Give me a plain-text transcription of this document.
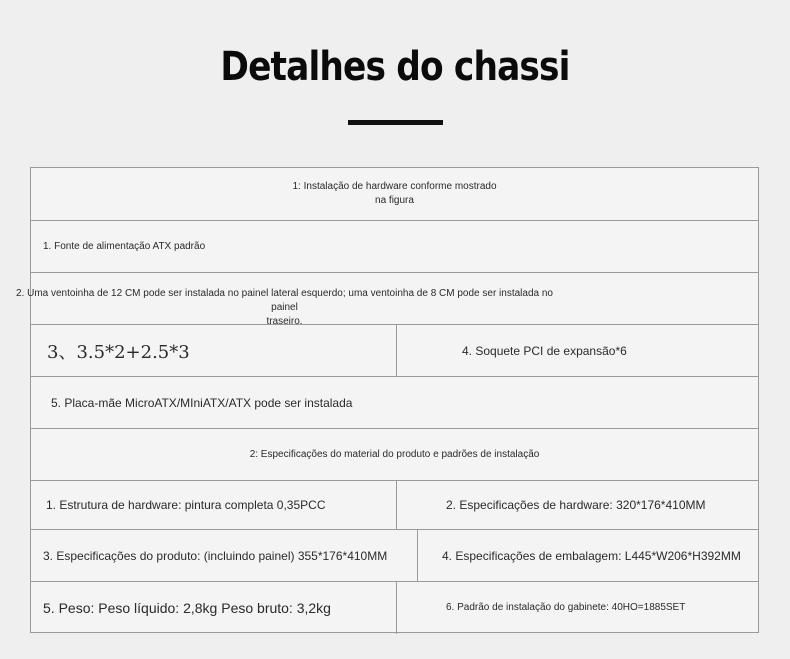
Detalhes do chassi
1: Instalação de hardware conforme mostrado
na figura
1. Fonte de alimentação ATX padrão
2. Uma ventoinha de 12 CM pode ser instalada no painel lateral esquerdo; uma ventoinha de 8 CM pode ser instalada no painel
traseiro.
3、3.5*2+2.5*3	4. Soquete PCI de expansão*6
5. Placa-mãe MicroATX/MIniATX/ATX pode ser instalada
2: Especificações do material do produto e padrões de instalação
1. Estrutura de hardware: pintura completa 0,35PCC	2. Especificações de hardware: 320*176*410MM
3. Especificações do produto: (incluindo painel) 355*176*410MM	4. Especificações de embalagem: L445*W206*H392MM
5. Peso: Peso líquido: 2,8kg Peso bruto: 3,2kg	6. Padrão de instalação do gabinete: 40HO=1885SET
